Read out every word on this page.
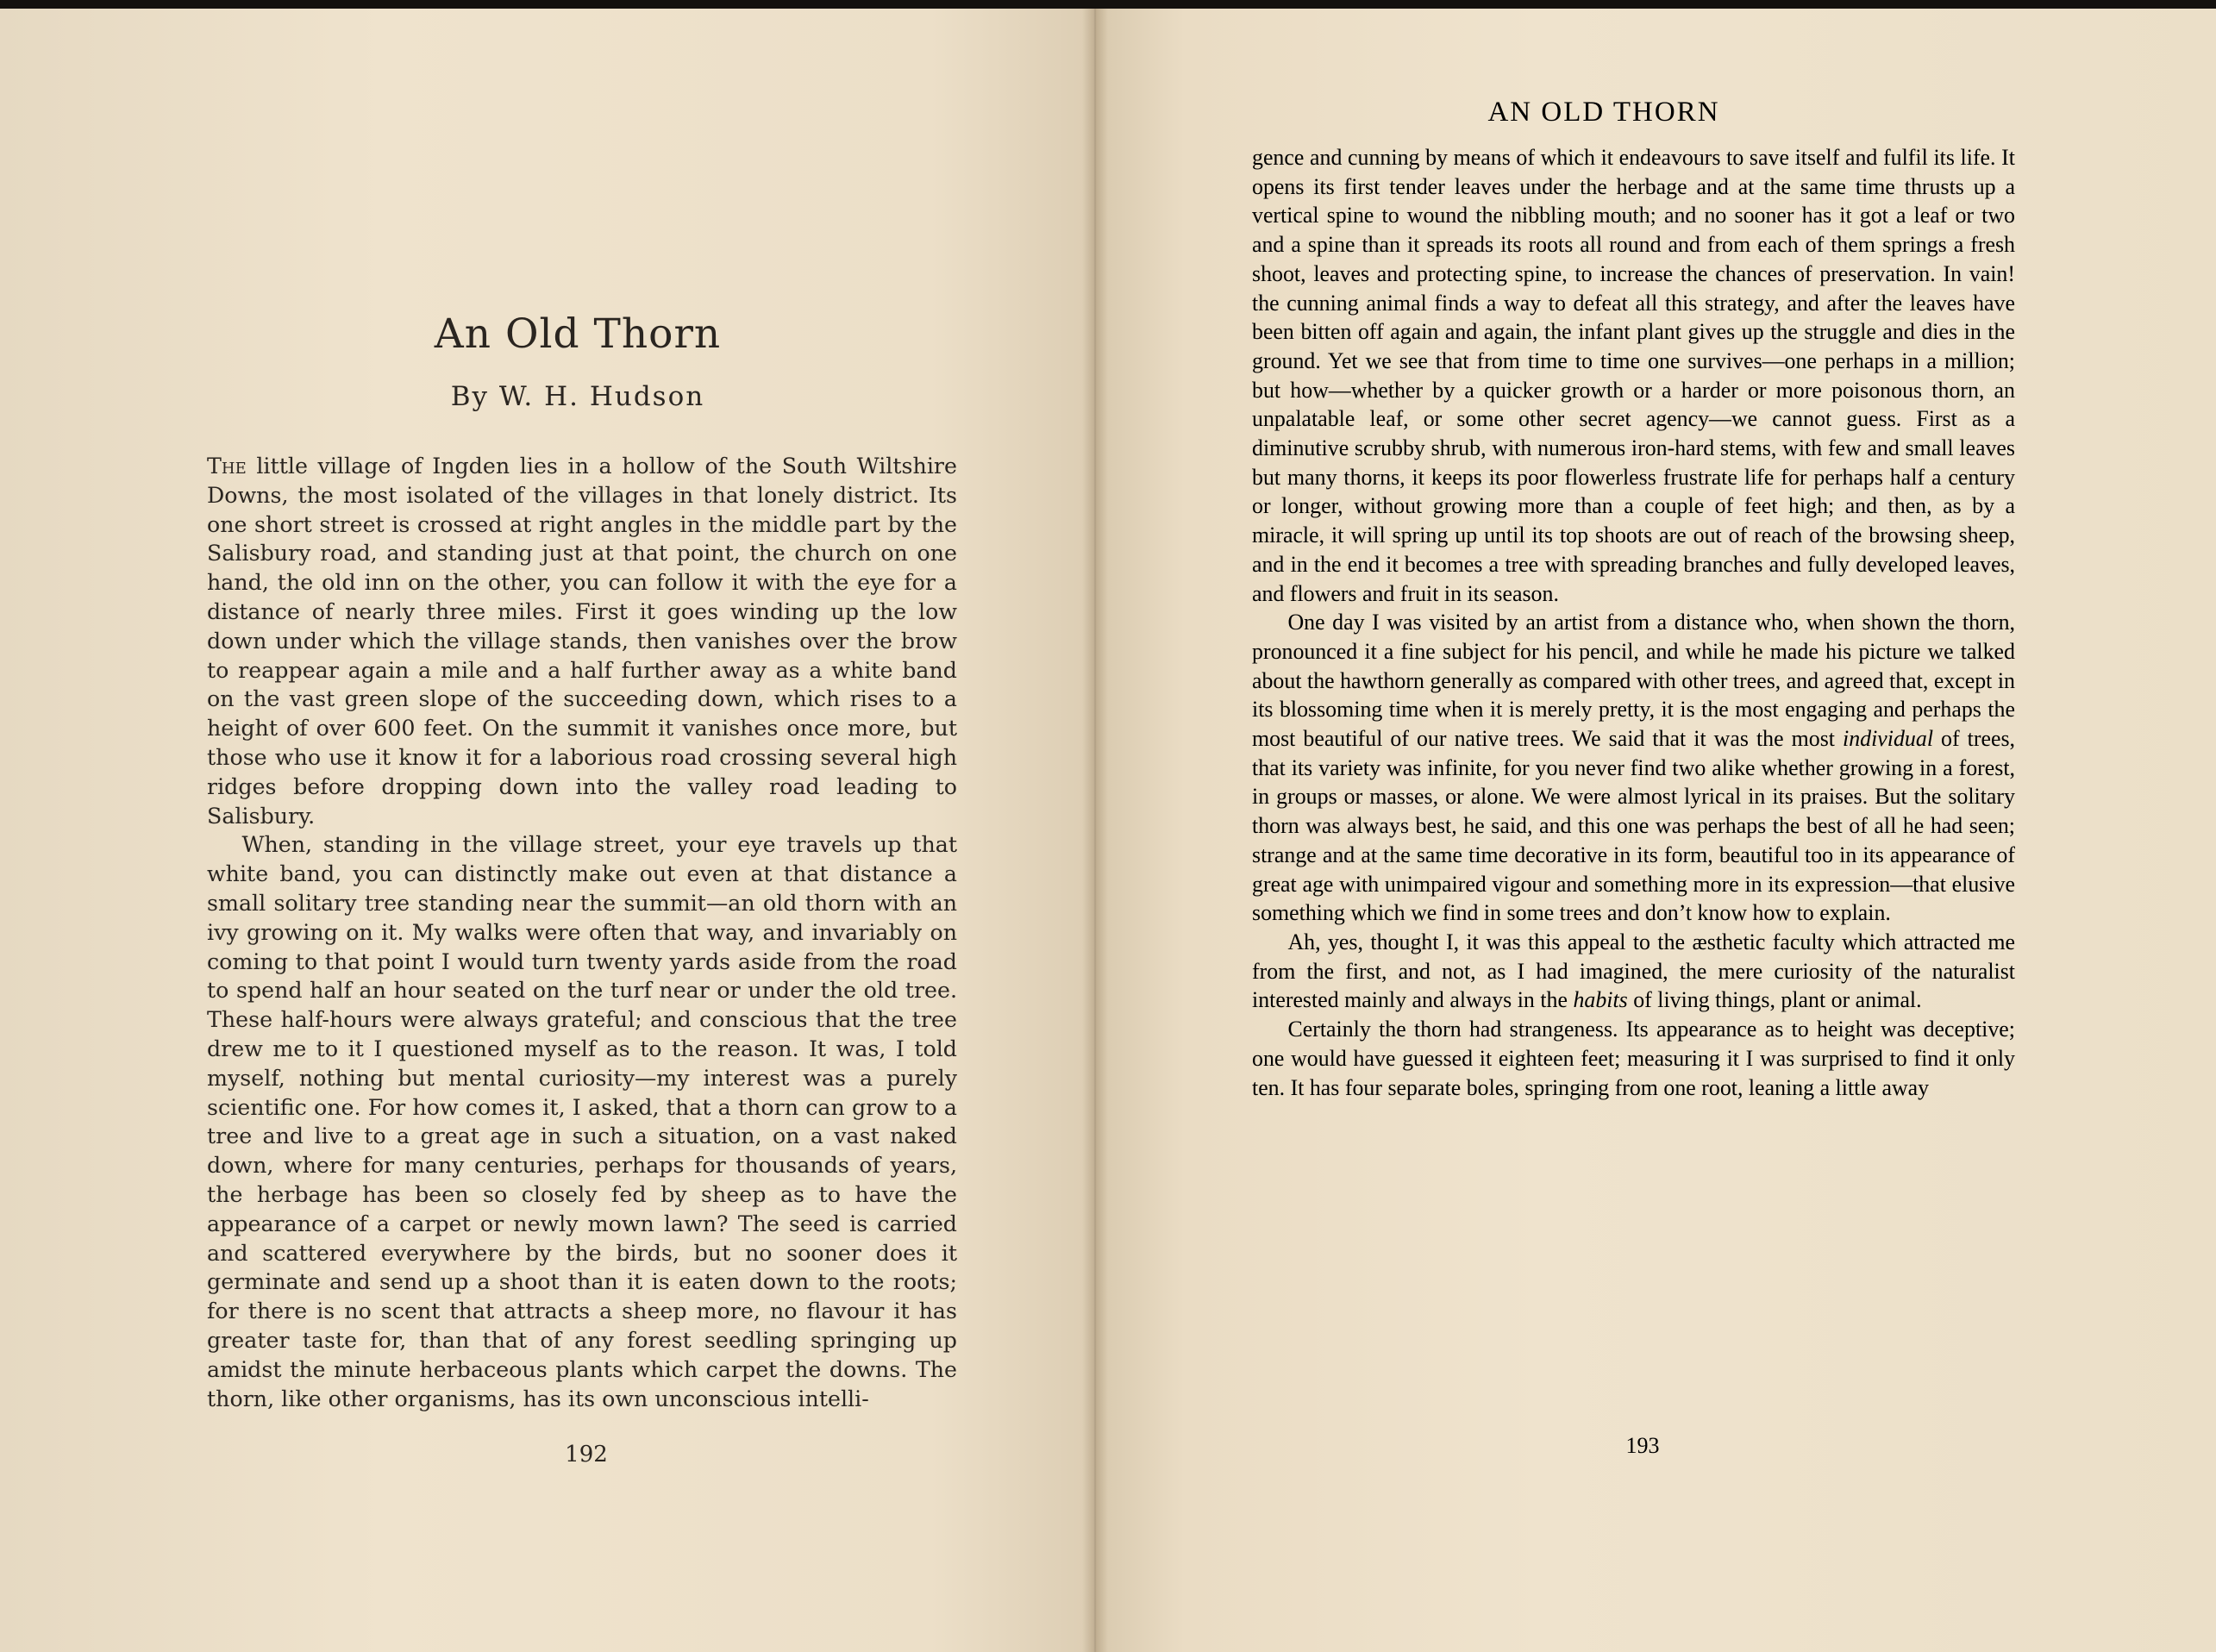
An Old Thorn
By W. H. Hudson

The little village of Ingden lies in a hollow of the South Wiltshire Downs, the most isolated of the villages in that lonely district. Its one short street is crossed at right angles in the middle part by the Salisbury road, and standing just at that point, the church on one hand, the old inn on the other, you can follow it with the eye for a distance of nearly three miles. First it goes winding up the low down under which the village stands, then vanishes over the brow to reappear again a mile and a half further away as a white band on the vast green slope of the succeeding down, which rises to a height of over 600 feet. On the summit it vanishes once more, but those who use it know it for a laborious road crossing several high ridges before dropping down into the valley road leading to Salisbury.

When, standing in the village street, your eye travels up that white band, you can distinctly make out even at that distance a small solitary tree standing near the summit—an old thorn with an ivy growing on it. My walks were often that way, and invariably on coming to that point I would turn twenty yards aside from the road to spend half an hour seated on the turf near or under the old tree. These half-hours were always grateful; and conscious that the tree drew me to it I questioned myself as to the reason. It was, I told myself, nothing but mental curiosity—my interest was a purely scientific one. For how comes it, I asked, that a thorn can grow to a tree and live to a great age in such a situation, on a vast naked down, where for many centuries, perhaps for thousands of years, the herbage has been so closely fed by sheep as to have the appearance of a carpet or newly mown lawn? The seed is carried and scattered everywhere by the birds, but no sooner does it germinate and send up a shoot than it is eaten down to the roots; for there is no scent that attracts a sheep more, no flavour it has greater taste for, than that of any forest seedling springing up amidst the minute herbaceous plants which carpet the downs. The thorn, like other organisms, has its own unconscious intelli-

192
AN OLD THORN

gence and cunning by means of which it endeavours to save itself and fulfil its life. It opens its first tender leaves under the herbage and at the same time thrusts up a vertical spine to wound the nibbling mouth; and no sooner has it got a leaf or two and a spine than it spreads its roots all round and from each of them springs a fresh shoot, leaves and protecting spine, to increase the chances of preservation. In vain! the cunning animal finds a way to defeat all this strategy, and after the leaves have been bitten off again and again, the infant plant gives up the struggle and dies in the ground. Yet we see that from time to time one survives—one perhaps in a million; but how—whether by a quicker growth or a harder or more poisonous thorn, an unpalatable leaf, or some other secret agency—we cannot guess. First as a diminutive scrubby shrub, with numerous iron-hard stems, with few and small leaves but many thorns, it keeps its poor flowerless frustrate life for perhaps half a century or longer, without growing more than a couple of feet high; and then, as by a miracle, it will spring up until its top shoots are out of reach of the browsing sheep, and in the end it becomes a tree with spreading branches and fully developed leaves, and flowers and fruit in its season.

One day I was visited by an artist from a distance who, when shown the thorn, pronounced it a fine subject for his pencil, and while he made his picture we talked about the hawthorn generally as compared with other trees, and agreed that, except in its blossoming time when it is merely pretty, it is the most engaging and perhaps the most beautiful of our native trees. We said that it was the most individual of trees, that its variety was infinite, for you never find two alike whether growing in a forest, in groups or masses, or alone. We were almost lyrical in its praises. But the solitary thorn was always best, he said, and this one was perhaps the best of all he had seen; strange and at the same time decorative in its form, beautiful too in its appearance of great age with unimpaired vigour and something more in its expression—that elusive something which we find in some trees and don’t know how to explain.

Ah, yes, thought I, it was this appeal to the æsthetic faculty which attracted me from the first, and not, as I had imagined, the mere curiosity of the naturalist interested mainly and always in the habits of living things, plant or animal.

Certainly the thorn had strangeness. Its appearance as to height was deceptive; one would have guessed it eighteen feet; measuring it I was surprised to find it only ten. It has four separate boles, springing from one root, leaning a little away

193
